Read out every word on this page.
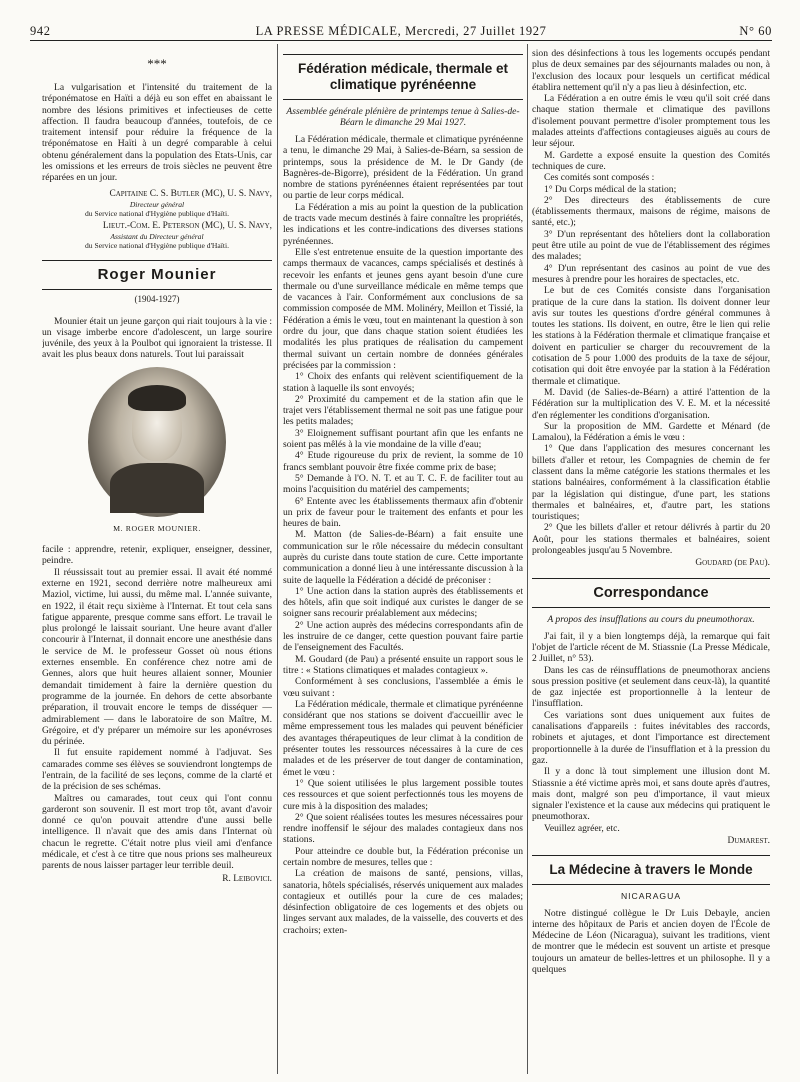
942	LA PRESSE MÉDICALE, Mercredi, 27 Juillet 1927	N° 60
***

La vulgarisation et l'intensité du traitement de la tréponématose en Haïti a déjà eu son effet en abaissant le nombre des lésions primitives et infectieuses de cette affection. Il faudra beaucoup d'années, toutefois, de ce traitement intensif pour réduire la fréquence de la tréponématose en Haïti à un degré comparable à celui obtenu généralement dans la population des Etats-Unis, car les omissions et les erreurs de trois siècles ne peuvent être réparées en un jour.

Capitaine C. S. Butler (MC), U. S. Navy,
Directeur général
du Service national d'Hygiène publique d'Haïti.
Lieut.-Com. E. Peterson (MC), U. S. Navy,
Assistant du Directeur général
du Service national d'Hygiène publique d'Haïti.
Roger Mounier
(1904-1927)

Mounier était un jeune garçon qui riait toujours à la vie : un visage imberbe encore d'adolescent, un large sourire juvénile, des yeux à la Poulbot qui ignoraient la tristesse. Il avait les plus beaux dons naturels. Tout lui paraissait

M. ROGER MOUNIER.

facile : apprendre, retenir, expliquer, enseigner, dessiner, peindre.

Il réussissait tout au premier essai. Il avait été nommé externe en 1921, second derrière notre malheureux ami Maziol, victime, lui aussi, du même mal. L'année suivante, en 1922, il était reçu sixième à l'Internat. Et tout cela sans fatigue apparente, presque comme sans effort. Le travail le plus prolongé le laissait souriant. Une heure avant d'aller concourir à l'Internat, il donnait encore une anesthésie dans le service de M. le professeur Gosset où nous étions externes ensemble. En conférence chez notre ami de Gennes, alors que huit heures allaient sonner, Mounier demandait timidement à faire la dernière question du programme de la journée. En dehors de cette absorbante préparation, il trouvait encore le temps de disséquer — admirablement — dans le laboratoire de son Maître, M. Grégoire, et d'y préparer un mémoire sur les aponévroses du périnée.

Il fut ensuite rapidement nommé à l'adjuvat. Ses camarades comme ses élèves se souviendront longtemps de l'entrain, de la facilité de ses leçons, comme de la clarté et de la précision de ses schémas.

Maîtres ou camarades, tout ceux qui l'ont connu garderont son souvenir. Il est mort trop tôt, avant d'avoir donné ce qu'on pouvait attendre d'une aussi belle intelligence. Il n'avait que des amis dans l'Internat où chacun le regrette. C'était notre plus vieil ami d'enfance médicale, et c'est à ce titre que nous prions ses malheureux parents de nous laisser partager leur terrible deuil.

R. Leibovici.
Fédération médicale, thermale et climatique pyrénéenne

Assemblée générale plénière de printemps tenue à Salies-de-Béarn le dimanche 29 Mai 1927.

La Fédération médicale, thermale et climatique pyrénéenne a tenu, le dimanche 29 Mai, à Salies-de-Béarn, sa session de printemps, sous la présidence de M. le Dr Gandy (de Bagnères-de-Bigorre), président de la Fédération. Un grand nombre de stations pyrénéennes étaient représentées par tout ou partie de leur corps médical.

La Fédération a mis au point la question de la publication de tracts vade mecum destinés à faire connaître les propriétés, les indications et les contre-indications des diverses stations pyrénéennes.

Elle s'est entretenue ensuite de la question importante des camps thermaux de vacances, camps spécialisés et destinés à recevoir les enfants et jeunes gens ayant besoin d'une cure thermale ou d'une surveillance médicale en même temps que de vacances à l'air. Conformément aux conclusions de sa commission composée de MM. Molinéry, Meillon et Tissié, la Fédération a émis le vœu, tout en maintenant la question à son ordre du jour, que dans chaque station soient étudiées les modalités les plus pratiques de réalisation du campement thermal suivant un certain nombre de données générales précisées par la commission :

1° Choix des enfants qui relèvent scientifiquement de la station à laquelle ils sont envoyés;

2° Proximité du campement et de la station afin que le trajet vers l'établissement thermal ne soit pas une fatigue pour les petits malades;

3° Eloignement suffisant pourtant afin que les enfants ne soient pas mêlés à la vie mondaine de la ville d'eau;

4° Etude rigoureuse du prix de revient, la somme de 10 francs semblant pouvoir être fixée comme prix de base;

5° Demande à l'O. N. T. et au T. C. F. de faciliter tout au moins l'acquisition du matériel des campements;

6° Entente avec les établissements thermaux afin d'obtenir un prix de faveur pour le traitement des enfants et pour les heures de bain.

M. Matton (de Salies-de-Béarn) a fait ensuite une communication sur le rôle nécessaire du médecin consultant auprès du curiste dans toute station de cure. Cette importante communication a donné lieu à une intéressante discussion à la suite de laquelle la Fédération a décidé de préconiser :

1° Une action dans la station auprès des établissements et des hôtels, afin que soit indiqué aux curistes le danger de se soigner sans recourir préalablement aux médecins;

2° Une action auprès des médecins correspondants afin de les instruire de ce danger, cette question pouvant faire partie de l'enseignement des Facultés.

M. Goudard (de Pau) a présenté ensuite un rapport sous le titre : « Stations climatiques et malades contagieux ».

Conformément à ses conclusions, l'assemblée a émis le vœu suivant :

La Fédération médicale, thermale et climatique pyrénéenne considérant que nos stations se doivent d'accueillir avec le même empressement tous les malades qui peuvent bénéficier des avantages thérapeutiques de leur climat à la condition de présenter toutes les ressources nécessaires à la cure de ces malades et de les préserver de tout danger de contamination, émet le vœu :

1° Que soient utilisées le plus largement possible toutes ces ressources et que soient perfectionnés tous les moyens de cure mis à la disposition des malades;

2° Que soient réalisées toutes les mesures nécessaires pour rendre inoffensif le séjour des malades contagieux dans nos stations.

Pour atteindre ce double but, la Fédération préconise un certain nombre de mesures, telles que :

La création de maisons de santé, pensions, villas, sanatoria, hôtels spécialisés, réservés uniquement aux malades contagieux et outillés pour la cure de ces malades; désinfection obligatoire de ces logements et des objets ou linges servant aux malades, de la vaisselle, des couverts et des crachoirs; exten-

sion des désinfections à tous les logements occupés pendant plus de deux semaines par des séjournants malades ou non, à l'exclusion des locaux pour lesquels un certificat médical établira nettement qu'il n'y a pas lieu à désinfection, etc.

La Fédération a en outre émis le vœu qu'il soit créé dans chaque station thermale et climatique des pavillons d'isolement pouvant permettre d'isoler promptement tous les malades atteints d'affections contagieuses aiguës au cours de leur séjour.

M. Gardette a exposé ensuite la question des Comités techniques de cure.

Ces comités sont composés :

1° Du Corps médical de la station;

2° Des directeurs des établissements de cure (établissements thermaux, maisons de régime, maisons de santé, etc.);

3° D'un représentant des hôteliers dont la collaboration peut être utile au point de vue de l'établissement des régimes des malades;

4° D'un représentant des casinos au point de vue des mesures à prendre pour les horaires de spectacles, etc.

Le but de ces Comités consiste dans l'organisation pratique de la cure dans la station. Ils doivent donner leur avis sur toutes les questions d'ordre général communes à toutes les stations. Ils doivent, en outre, être le lien qui relie les stations à la Fédération thermale et climatique française et doivent en particulier se charger du recouvrement de la cotisation de 5 pour 1.000 des produits de la taxe de séjour, cotisation qui doit être envoyée par la station à la Fédération thermale et climatique.

M. David (de Salies-de-Béarn) a attiré l'attention de la Fédération sur la multiplication des V. E. M. et la nécessité d'en réglementer les conditions d'organisation.

Sur la proposition de MM. Gardette et Ménard (de Lamalou), la Fédération a émis le vœu :

1° Que dans l'application des mesures concernant les billets d'aller et retour, les Compagnies de chemin de fer classent dans la même catégorie les stations thermales et les stations balnéaires, conformément à la classification établie par la législation qui distingue, d'une part, les stations thermales et balnéaires, et, d'autre part, les stations touristiques;

2° Que les billets d'aller et retour délivrés à partir du 20 Août, pour les stations thermales et balnéaires, soient prolongeables jusqu'au 5 Novembre.

Goudard (de Pau).
Correspondance

A propos des insufflations au cours du pneumothorax.

J'ai fait, il y a bien longtemps déjà, la remarque qui fait l'objet de l'article récent de M. Stiassnie (La Presse Médicale, 2 Juillet, n° 53).

Dans les cas de réinsufflations de pneumothorax anciens sous pression positive (et seulement dans ceux-là), la quantité de gaz injectée est proportionnelle à la lenteur de l'insufflation.

Ces variations sont dues uniquement aux fuites de canalisations d'appareils : fuites inévitables des raccords, robinets et ajutages, et dont l'importance est directement proportionnelle à la durée de l'insufflation et à la pression du gaz.

Il y a donc là tout simplement une illusion dont M. Stiassnie a été victime après moi, et sans doute après d'autres, mais dont, malgré son peu d'importance, il vaut mieux signaler l'existence et la cause aux médecins qui pratiquent le pneumothorax.

Veuillez agréer, etc.

Dumarest.
La Médecine à travers le Monde
NICARAGUA

Notre distingué collègue le Dr Luis Debayle, ancien interne des hôpitaux de Paris et ancien doyen de l'École de Médecine de Léon (Nicaragua), suivant les traditions, vient de montrer que le médecin est souvent un artiste et presque toujours un amateur de belles-lettres et un philosophe. Il y a quelques
